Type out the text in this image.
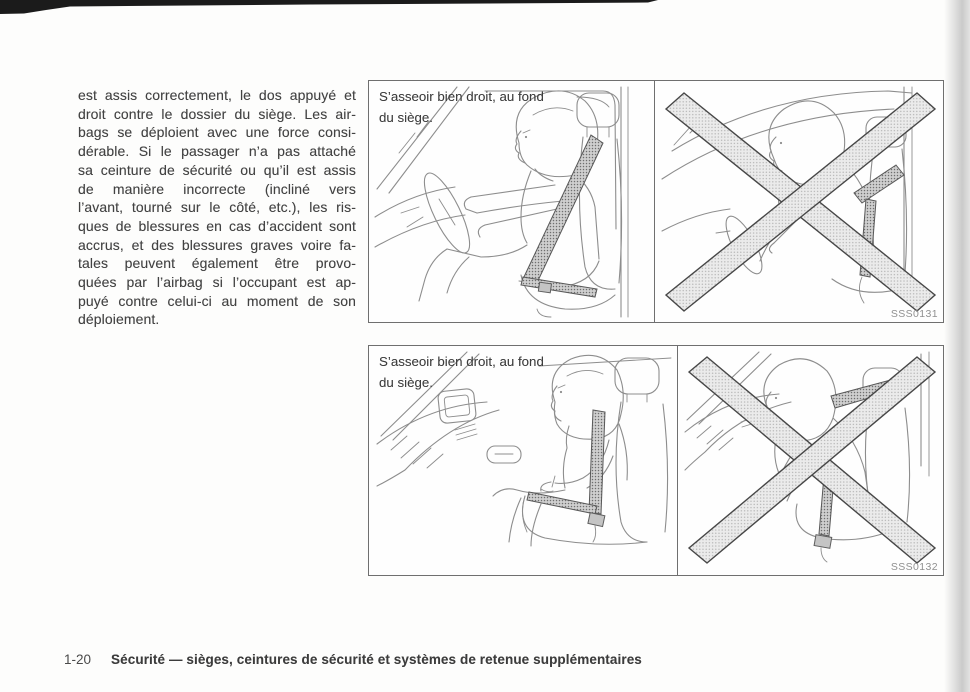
est assis correctement, le dos appuyé et
droit contre le dossier du siège. Les air-
bags se déploient avec une force consi-
dérable. Si le passager n’a pas attaché
sa ceinture de sécurité ou qu’il est assis
de manière incorrecte (incliné vers
l’avant, tourné sur le côté, etc.), les ris-
ques de blessures en cas d’accident sont
accrus, et des blessures graves voire fa-
tales peuvent également être provo-
quées par l’airbag si l’occupant est ap-
puyé contre celui-ci au moment de son
déploiement.
S’asseoir bien droit, au fond
du siège.
SSS0131
S’asseoir bien droit, au fond
du siège.
SSS0132
1-20 Sécurité — sièges, ceintures de sécurité et systèmes de retenue supplémentaires
